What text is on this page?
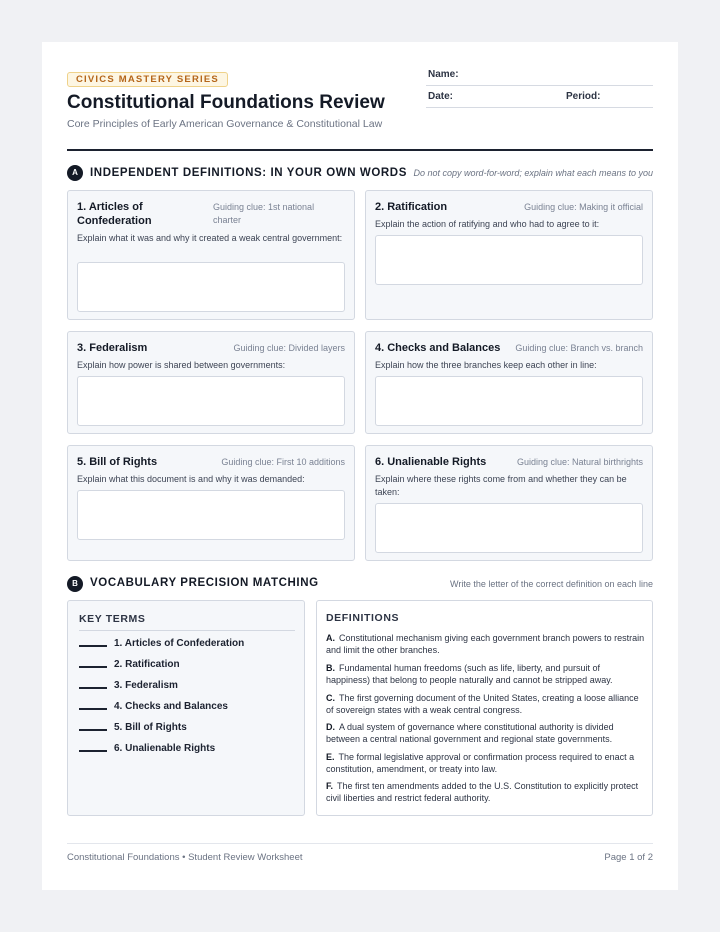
CIVICS MASTERY SERIES
Constitutional Foundations Review
Core Principles of Early American Governance & Constitutional Law
Name:
Date:	Period:
A	INDEPENDENT DEFINITIONS: IN YOUR OWN WORDS Do not copy word-for-word; explain what each means to you
1. Articles of Confederation
Guiding clue: 1st national charter
Explain what it was and why it created a weak central government:
2. Ratification	Guiding clue: Making it official
Explain the action of ratifying and who had to agree to it:
3. Federalism	Guiding clue: Divided layers
Explain how power is shared between governments:
4. Checks and Balances Guiding clue: Branch vs. branch
Explain how the three branches keep each other in line:
5. Bill of Rights	Guiding clue: First 10 additions
Explain what this document is and why it was demanded:
6. Unalienable Rights	Guiding clue: Natural birthrights
Explain where these rights come from and whether they can be taken:
B	VOCABULARY PRECISION MATCHING	Write the letter of the correct definition on each line
KEY TERMS
1. Articles of Confederation
2. Ratification
3. Federalism
4. Checks and Balances
5. Bill of Rights
6. Unalienable Rights
DEFINITIONS
A. Constitutional mechanism giving each government branch powers to restrain and limit the other branches.
B. Fundamental human freedoms (such as life, liberty, and pursuit of happiness) that belong to people naturally and cannot be stripped away.
C. The first governing document of the United States, creating a loose alliance of sovereign states with a weak central congress.
D. A dual system of governance where constitutional authority is divided between a central national government and regional state governments.
E. The formal legislative approval or confirmation process required to enact a constitution, amendment, or treaty into law.
F. The first ten amendments added to the U.S. Constitution to explicitly protect civil liberties and restrict federal authority.
Constitutional Foundations • Student Review Worksheet	Page 1 of 2
